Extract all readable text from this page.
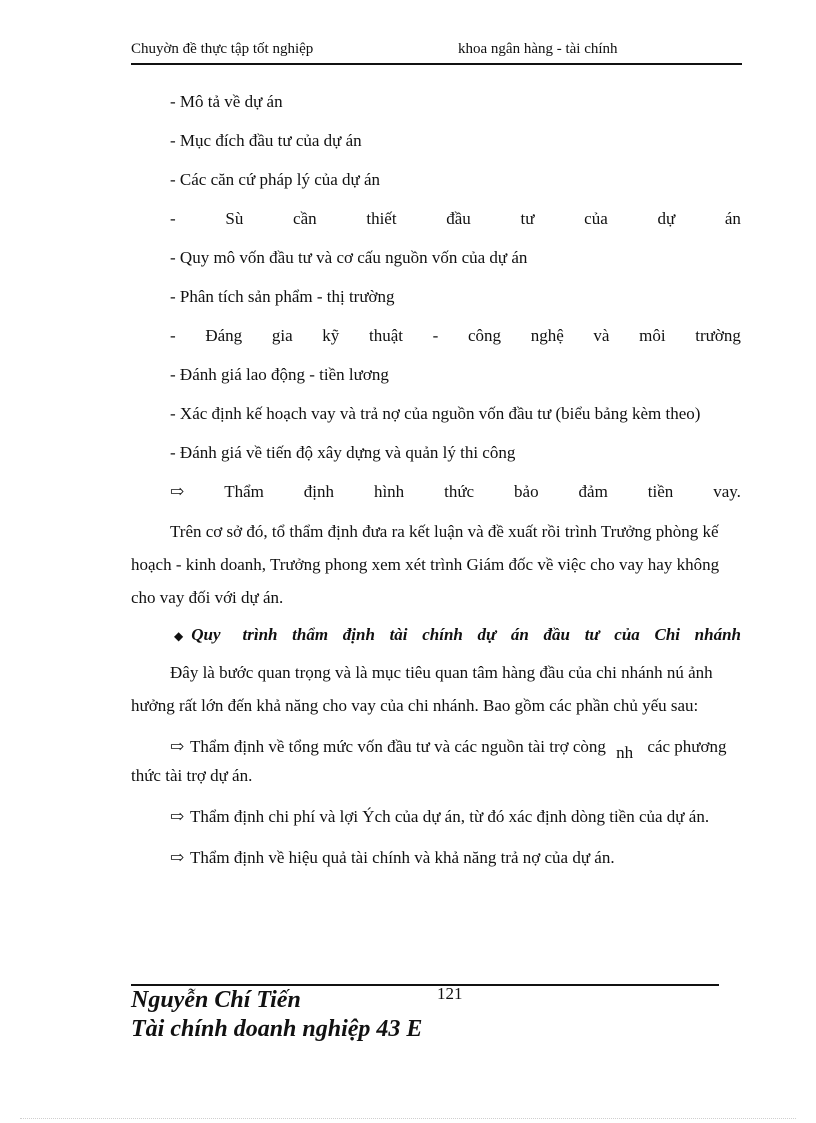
Chuyờn đề thực tập tốt nghiệp	khoa ngân hàng - tài chính
- Mô tả về dự án
- Mục đích đầu tư của dự án
- Các căn cứ pháp lý của dự án
-	Sù	cần	thiết	đầu	tư	của	dự	án
- Quy mô vốn đầu tư và cơ cấu nguồn vốn của dự án
- Phân tích sản phẩm - thị trường
- Đáng gia kỹ thuật - công nghệ và môi trường
- Đánh giá lao động - tiền lương
- Xác định kế hoạch vay và trả nợ của nguồn vốn đầu tư (biểu bảng kèm theo)
- Đánh giá về tiến độ xây dựng và quản lý thi công
⇨ Thẩm định hình thức bảo đảm tiền vay.
Trên cơ sở đó, tổ thẩm định đưa ra kết luận và đề xuất rồi trình Trưởng phòng kế
hoạch - kinh doanh, Trưởng phong xem xét trình Giám đốc về việc cho vay hay không
cho vay đối với dự án.
◆ Quy trình thẩm định tài chính dự án đầu tư của Chi nhánh
Đây là bước quan trọng và là mục tiêu quan tâm hàng đầu của chi nhánh nú ảnh
hưởng rất lớn đến khả năng cho vay của chi nhánh. Bao gồm các phần chủ yếu sau:
⇨ Thẩm định về tổng mức vốn đầu tư và các nguồn tài trợ còng nh các phương
thức tài trợ dự án.
⇨ Thẩm định chi phí và lợi Ých của dự án, từ đó xác định dòng tiền của dự án.
⇨ Thẩm định về hiệu quả tài chính và khả năng trả nợ của dự án.
121
Nguyễn Chí Tiến
Tài chính doanh nghiệp 43 E
